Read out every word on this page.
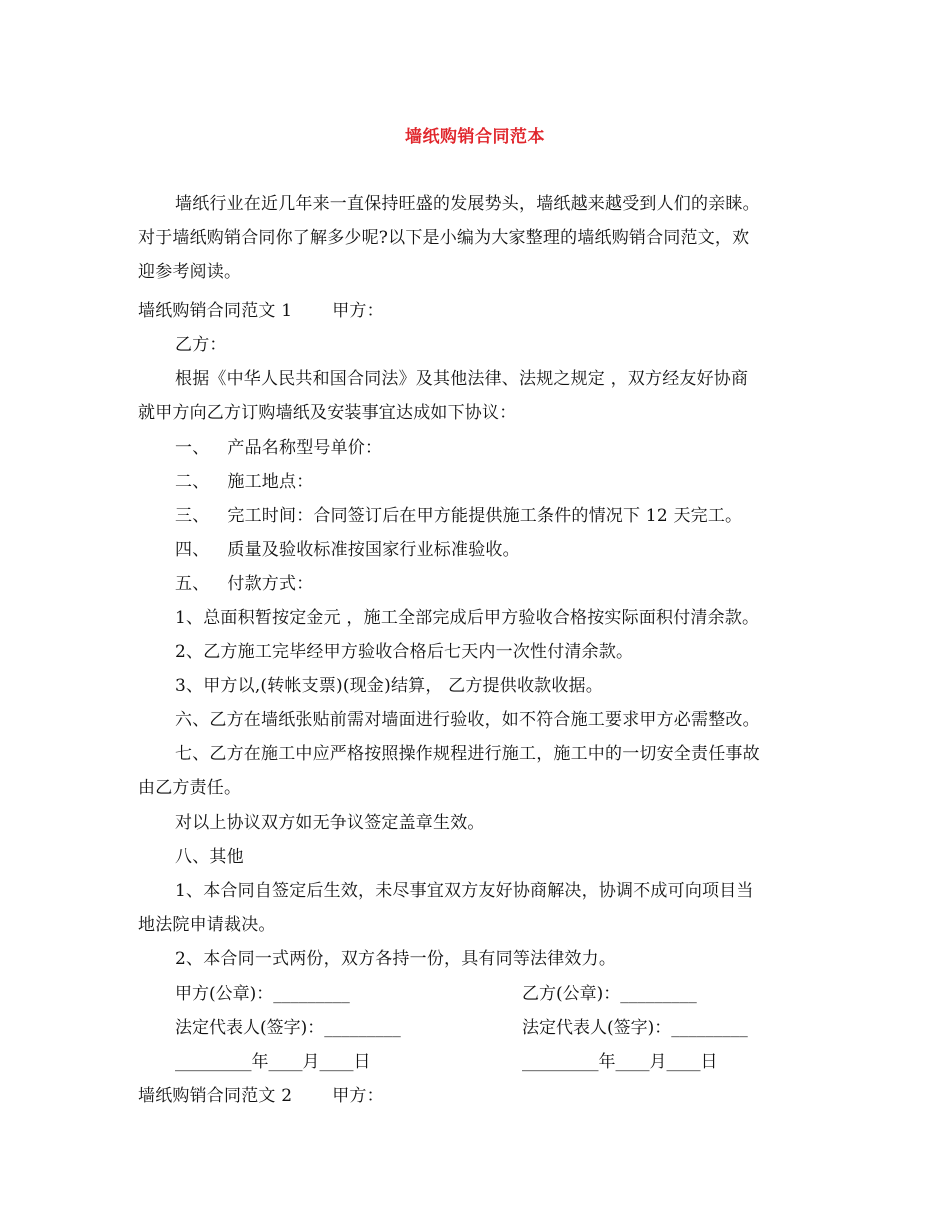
墙纸购销合同范本
墙纸行业在近几年来一直保持旺盛的发展势头，墙纸越来越受到人们的亲睐。
对于墙纸购销合同你了解多少呢?以下是小编为大家整理的墙纸购销合同范文，欢
迎参考阅读。
墙纸购销合同范文 1 甲方：
乙方：
根据《中华人民共和国合同法》及其他法律、法规之规定 ，双方经友好协商
就甲方向乙方订购墙纸及安装事宜达成如下协议：
一、 产品名称型号单价：
二、 施工地点：
三、 完工时间：合同签订后在甲方能提供施工条件的情况下 12 天完工。
四、 质量及验收标准按国家行业标准验收。
五、 付款方式：
1、总面积暂按定金元 ，施工全部完成后甲方验收合格按实际面积付清余款。
2、乙方施工完毕经甲方验收合格后七天内一次性付清余款。
3、甲方以,(转帐支票)(现金)结算， 乙方提供收款收据。
六、乙方在墙纸张贴前需对墙面进行验收，如不符合施工要求甲方必需整改。
七、乙方在施工中应严格按照操作规程进行施工，施工中的一切安全责任事故
由乙方责任。
对以上协议双方如无争议签定盖章生效。
八、其他
1、本合同自签定后生效，未尽事宜双方友好协商解决，协调不成可向项目当
地法院申请裁决。
2、本合同一式两份，双方各持一份，具有同等法律效力。
甲方(公章)：_________	乙方(公章)：_________
法定代表人(签字)：_________	法定代表人(签字)：_________
_________年____月____日	_________年____月____日
墙纸购销合同范文 2 甲方：
